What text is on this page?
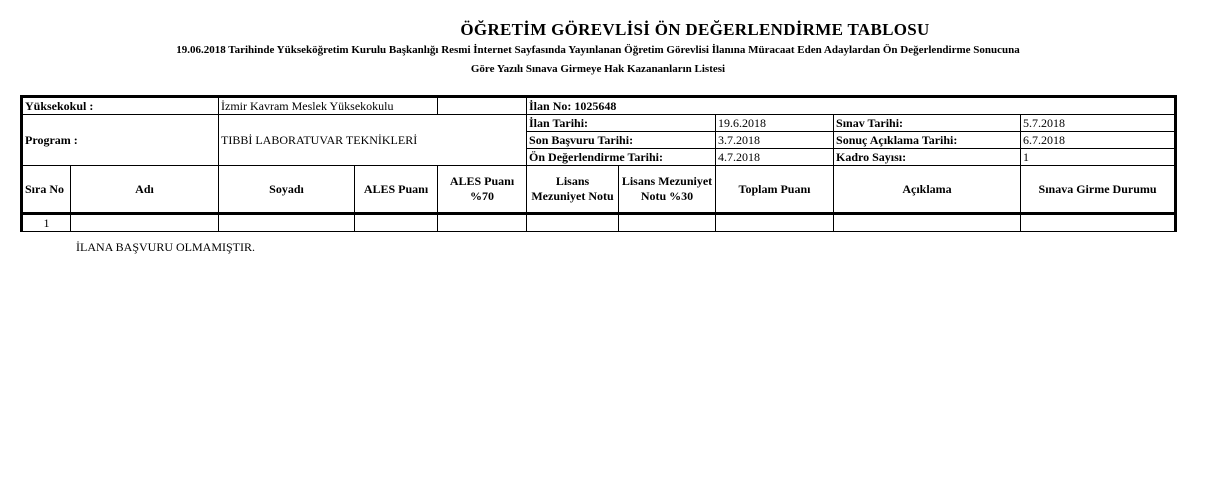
ÖĞRETİM GÖREVLİSİ ÖN DEĞERLENDİRME TABLOSU
19.06.2018 Tarihinde Yükseköğretim Kurulu Başkanlığı Resmi İnternet Sayfasında Yayınlanan Öğretim Görevlisi İlanına Müracaat Eden Adaylardan Ön Değerlendirme Sonucuna
Göre Yazılı Sınava Girmeye Hak Kazananların Listesi
Yüksekokul :		İzmir Kavram Meslek Yüksekokulu			İlan No: 1025648				
Program :		TIBBİ LABORATUVAR TEKNİKLERİ			İlan Tarihi:		19.6.2018	Sınav Tarihi:	5.7.2018
					Son Başvuru Tarihi:		3.7.2018	Sonuç Açıklama Tarihi:	6.7.2018
					Ön Değerlendirme Tarihi:		4.7.2018	Kadro Sayısı:	1
Sıra No	Adı	Soyadı	ALES Puanı	ALES Puanı %70	Lisans Mezuniyet Notu	Lisans Mezuniyet Notu %30	Toplam Puanı	Açıklama	Sınava Girme Durumu
1									
İLANA BAŞVURU OLMAMIŞTIR.
